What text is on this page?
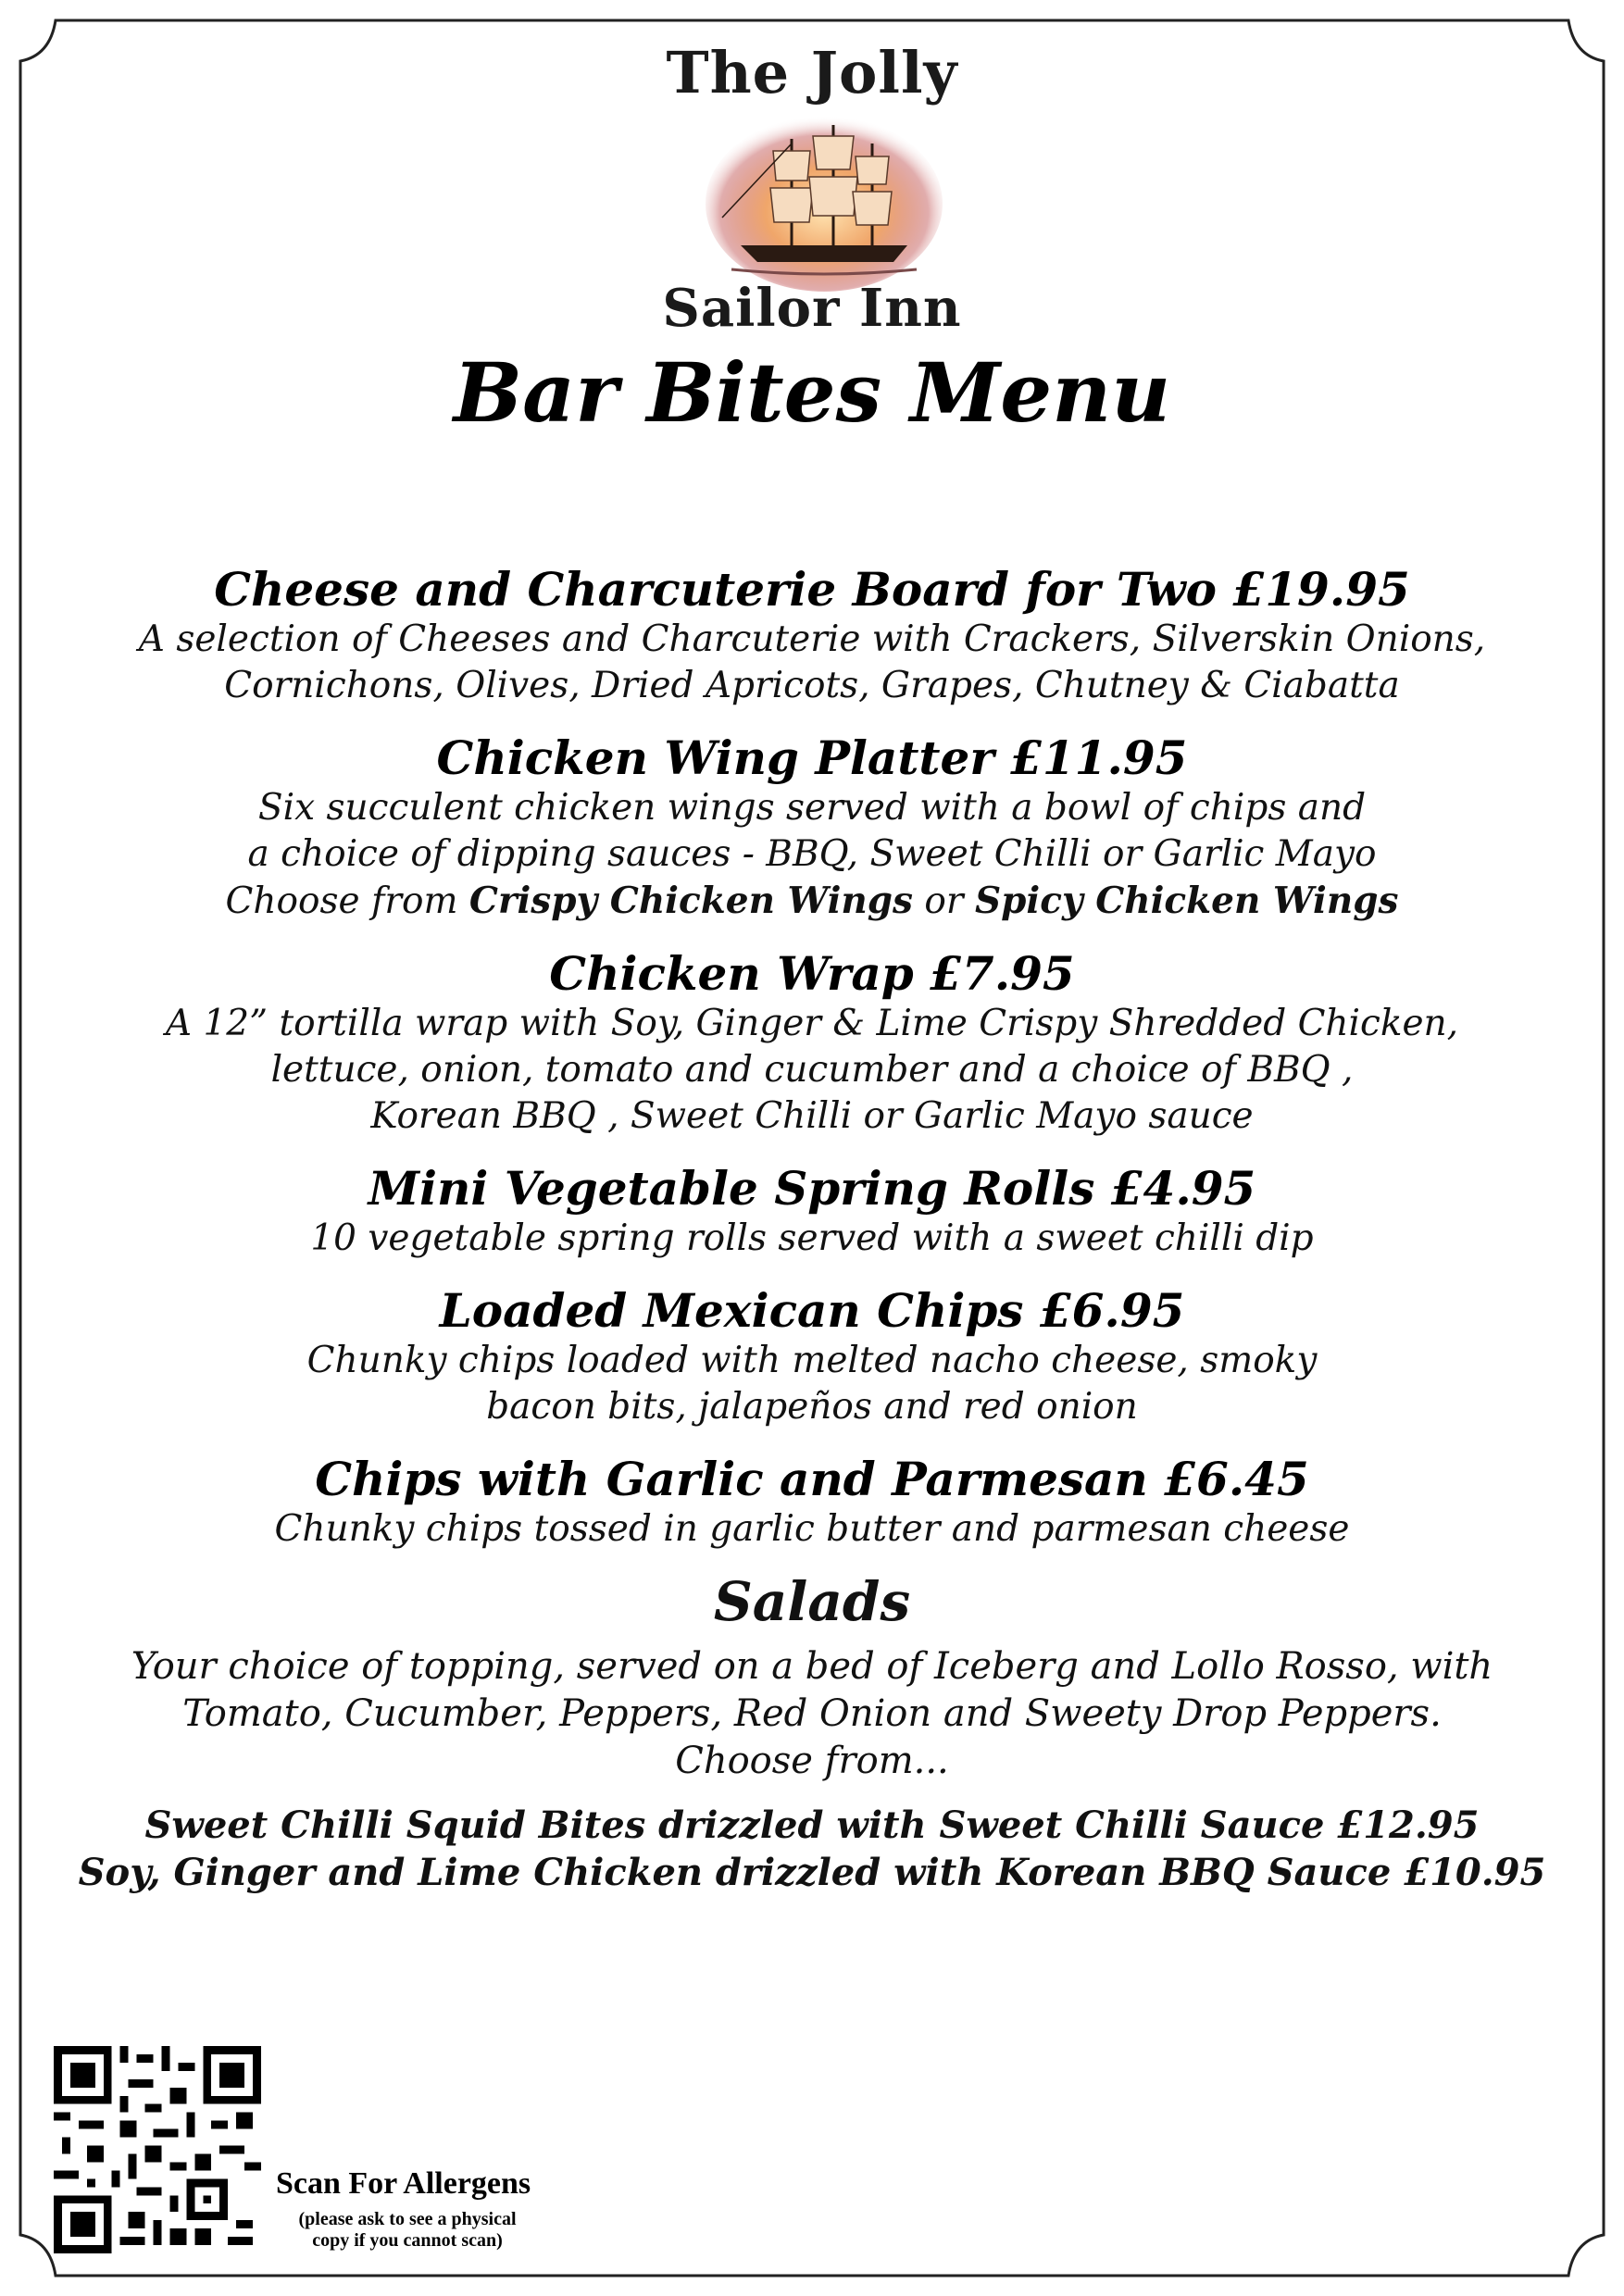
The Jolly
Sailor Inn
Bar Bites Menu
Cheese and Charcuterie Board for Two £19.95
A selection of Cheeses and Charcuterie with Crackers, Silverskin Onions,
Cornichons, Olives, Dried Apricots, Grapes, Chutney & Ciabatta
Chicken Wing Platter £11.95
Six succulent chicken wings served with a bowl of chips and
a choice of dipping sauces - BBQ, Sweet Chilli or Garlic Mayo
Choose from Crispy Chicken Wings or Spicy Chicken Wings
Chicken Wrap £7.95
A 12” tortilla wrap with Soy, Ginger & Lime Crispy Shredded Chicken,
lettuce, onion, tomato and cucumber and a choice of BBQ ,
Korean BBQ , Sweet Chilli or Garlic Mayo sauce
Mini Vegetable Spring Rolls £4.95
10 vegetable spring rolls served with a sweet chilli dip
Loaded Mexican Chips £6.95
Chunky chips loaded with melted nacho cheese, smoky
bacon bits, jalapeños and red onion
Chips with Garlic and Parmesan £6.45
Chunky chips tossed in garlic butter and parmesan cheese
Salads
Your choice of topping, served on a bed of Iceberg and Lollo Rosso, with
Tomato, Cucumber, Peppers, Red Onion and Sweety Drop Peppers.
Choose from...
Sweet Chilli Squid Bites drizzled with Sweet Chilli Sauce £12.95
Soy, Ginger and Lime Chicken drizzled with Korean BBQ Sauce £10.95
Scan For Allergens
(please ask to see a physical
copy if you cannot scan)
